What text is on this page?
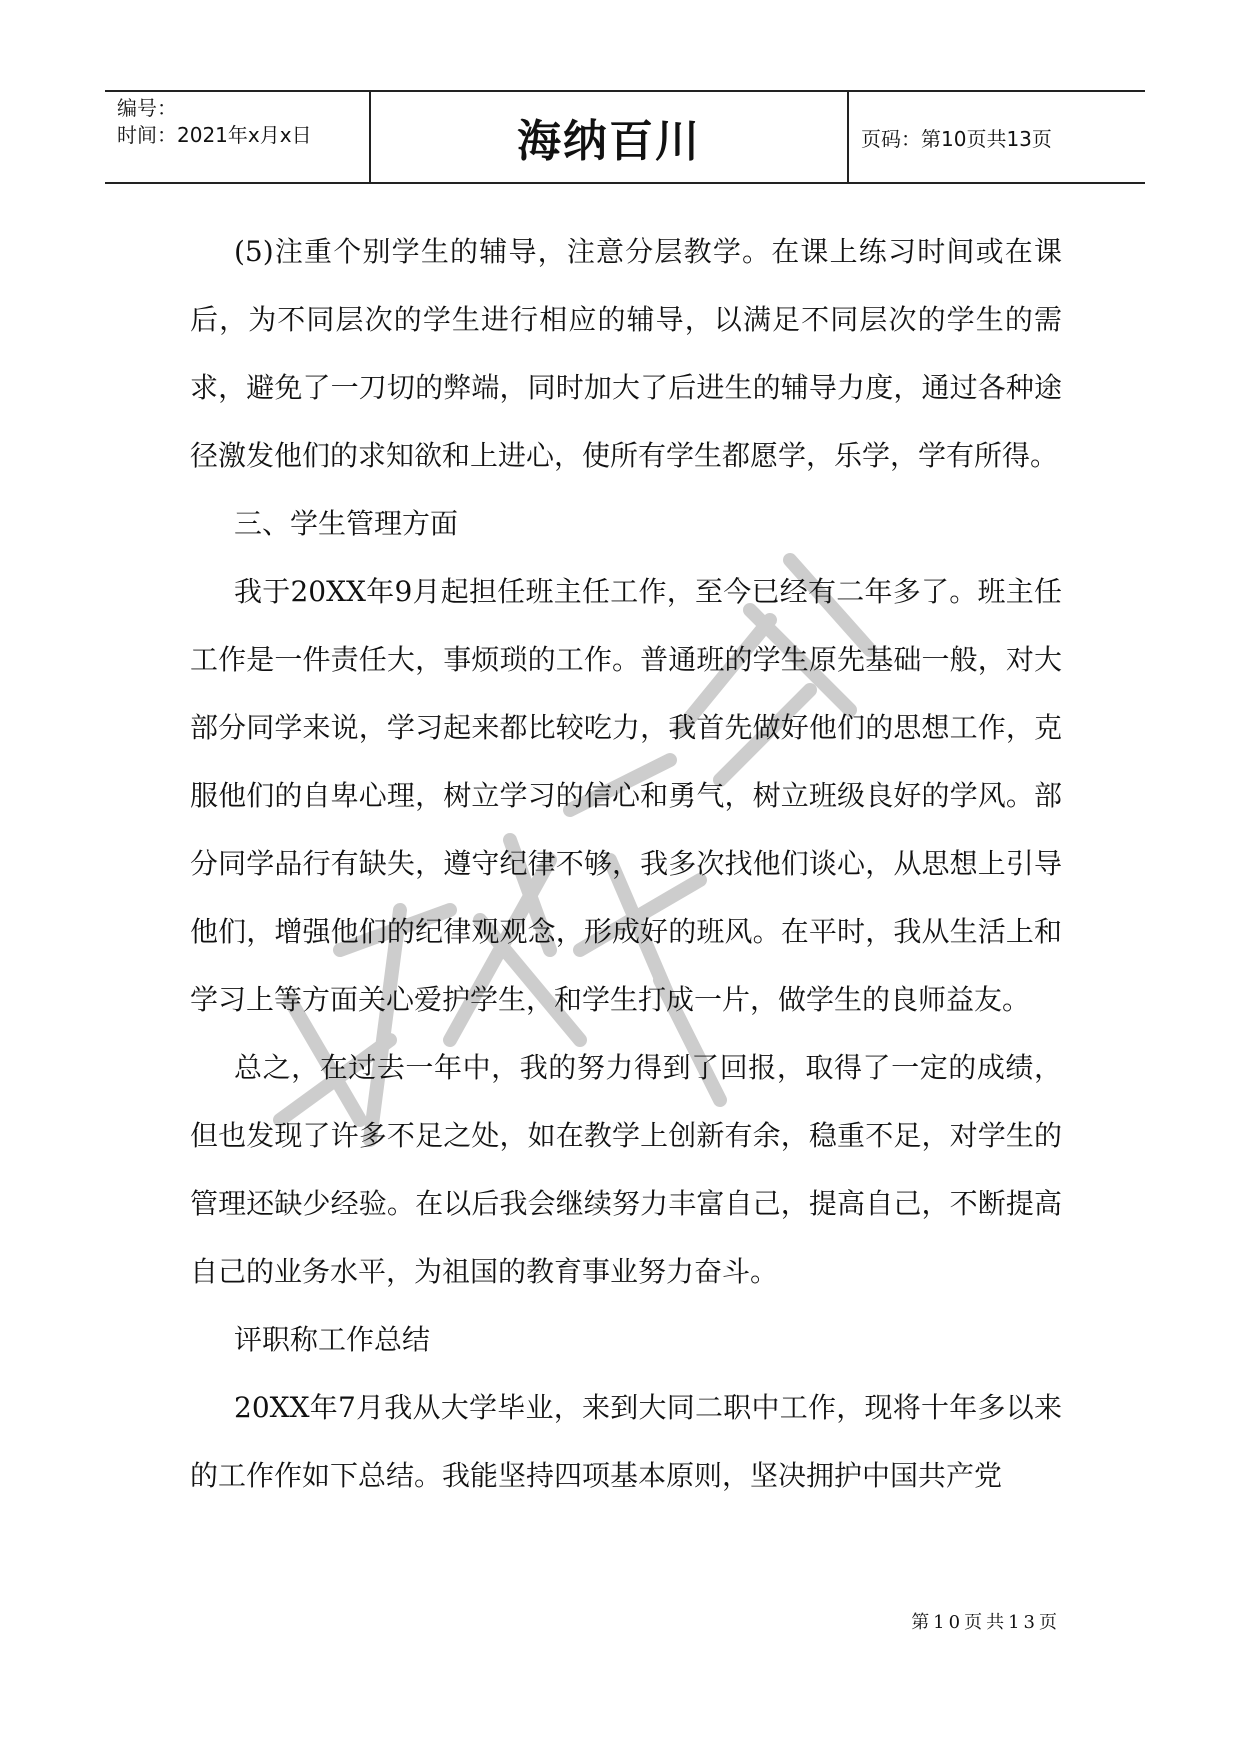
编号：
时间：2021年x月x日	海纳百川	页码：第10页共13页

(5)注重个别学生的辅导，注意分层教学。在课上练习时间或在课后，为不同层次的学生进行相应的辅导，以满足不同层次的学生的需求，避免了一刀切的弊端，同时加大了后进生的辅导力度，通过各种途径激发他们的求知欲和上进心，使所有学生都愿学，乐学，学有所得。

三、学生管理方面

我于20XX年9月起担任班主任工作，至今已经有二年多了。班主任工作是一件责任大，事烦琐的工作。普通班的学生原先基础一般，对大部分同学来说，学习起来都比较吃力，我首先做好他们的思想工作，克服他们的自卑心理，树立学习的信心和勇气，树立班级良好的学风。部分同学品行有缺失，遵守纪律不够，我多次找他们谈心，从思想上引导他们，增强他们的纪律观观念，形成好的班风。在平时，我从生活上和学习上等方面关心爱护学生，和学生打成一片，做学生的良师益友。

总之，在过去一年中，我的努力得到了回报，取得了一定的成绩，但也发现了许多不足之处，如在教学上创新有余，稳重不足，对学生的管理还缺少经验。在以后我会继续努力丰富自己，提高自己，不断提高自己的业务水平，为祖国的教育事业努力奋斗。

评职称工作总结

20XX年7月我从大学毕业，来到大同二职中工作，现将十年多以来的工作作如下总结。我能坚持四项基本原则，坚决拥护中国共产党

第10页共13页
